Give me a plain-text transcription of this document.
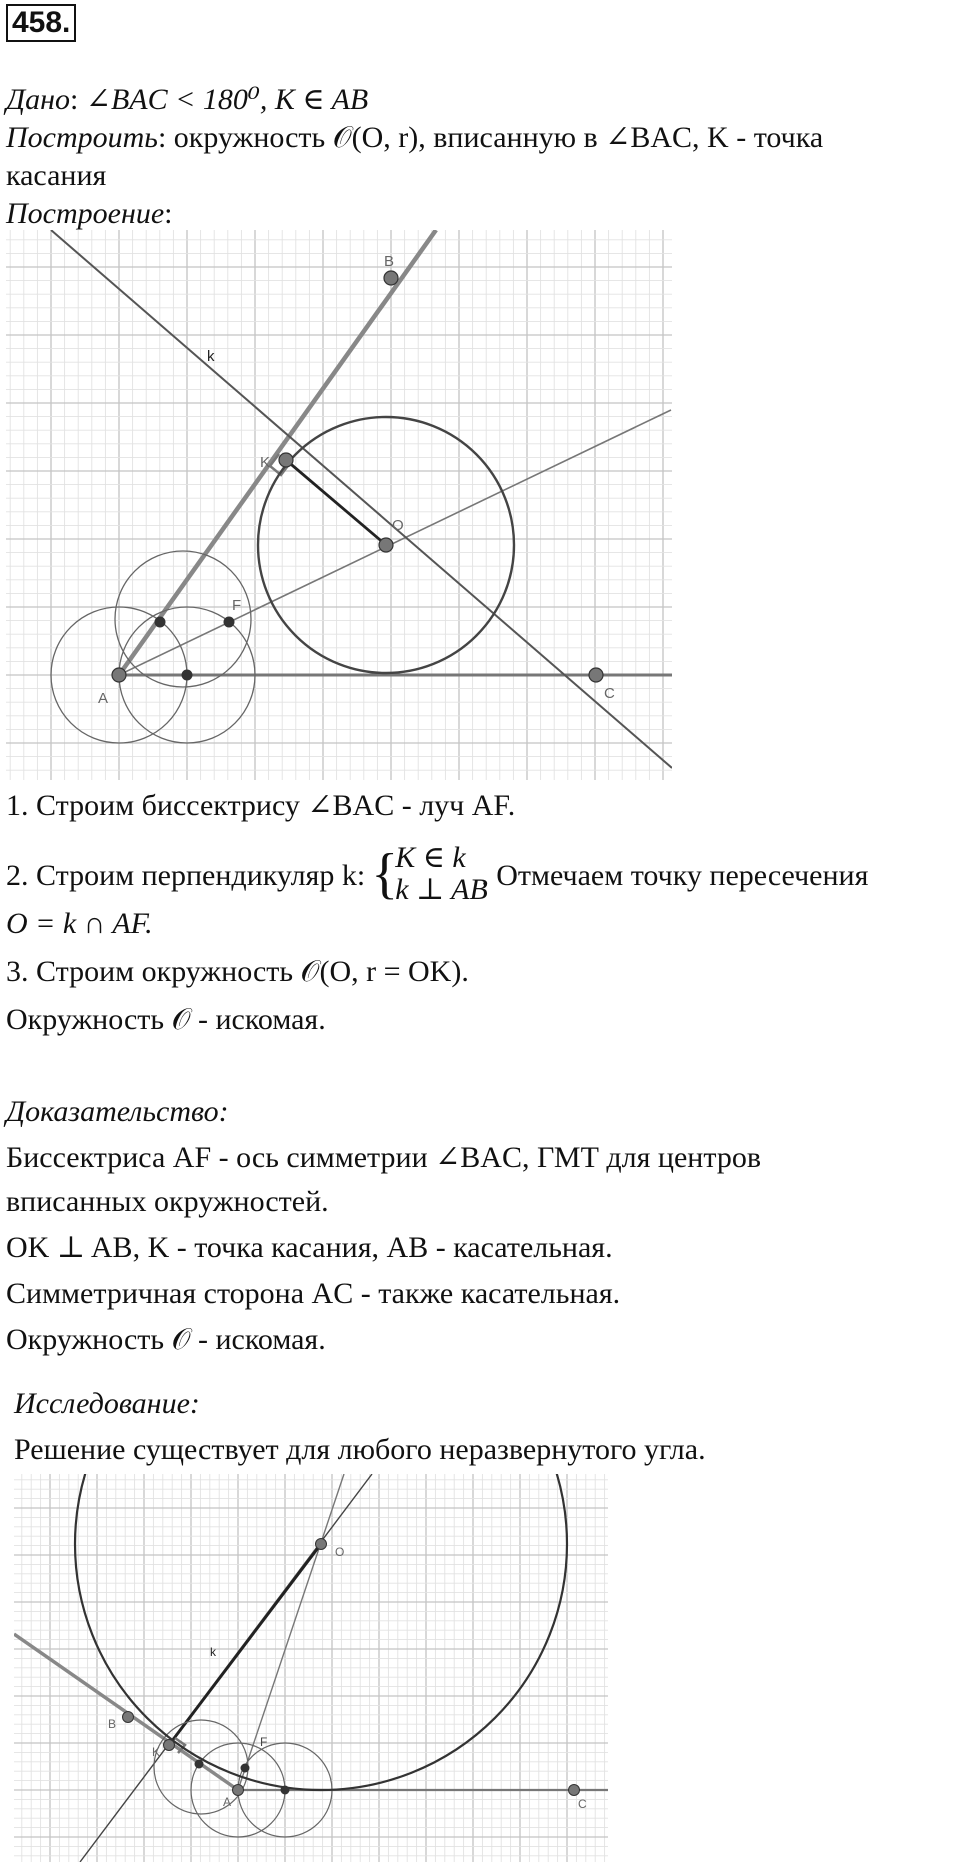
458.
Дано: ∠BAC < 180⁰, K ∈ AB
Построить: окружность 𝒪(O, r), вписанную в ∠BAC, K - точка
касания
Построение:
B
K
O
A	C
F
k
1. Строим биссектрису ∠BAC - луч AF.
2. Строим перпендикуляр k: {
K ∈ k
k ⊥ AB
. Отмечаем точку пересечения
O = k ∩ AF.
3. Строим окружность 𝒪(O, r = OK).
Окружность 𝒪 - искомая.
Доказательство:
Биссектриса AF - ось симметрии ∠BAC, ГМТ для центров
вписанных окружностей.
OK ⊥ AB, K - точка касания, AB - касательная.
Симметричная сторона AC - также касательная.
Окружность 𝒪 - искомая.
Исследование:
Решение существует для любого неразвернутого угла.
O
K
A	C
B
F
k
